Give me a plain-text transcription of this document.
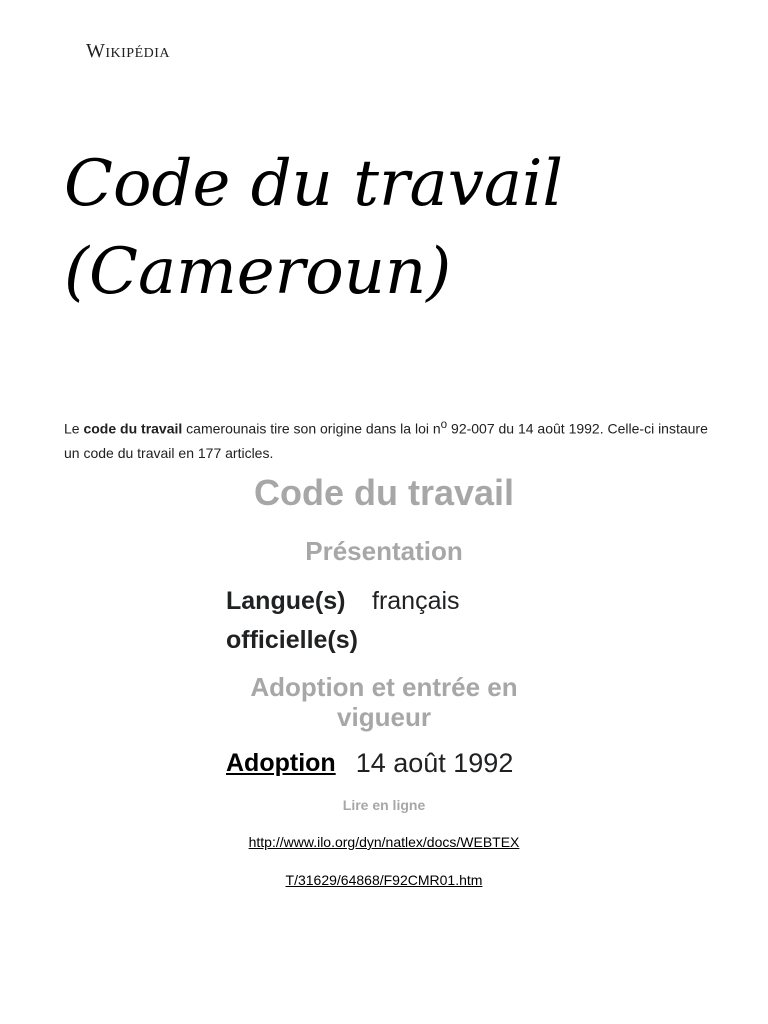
Wikipédia
Code du travail (Cameroun)

Le code du travail camerounais tire son origine dans la loi $n^o$ 92-007 du 14 août 1992. Celle-ci instaure un code du travail en 177 articles.

Code du travail
Présentation
Langue(s) officielle(s)
français
Adoption et entrée en vigueur
Adoption 14 août 1992
Lire en ligne
http://www.ilo.org/dyn/natlex/docs/WEBTEX
T/31629/64868/F92CMR01.htm
